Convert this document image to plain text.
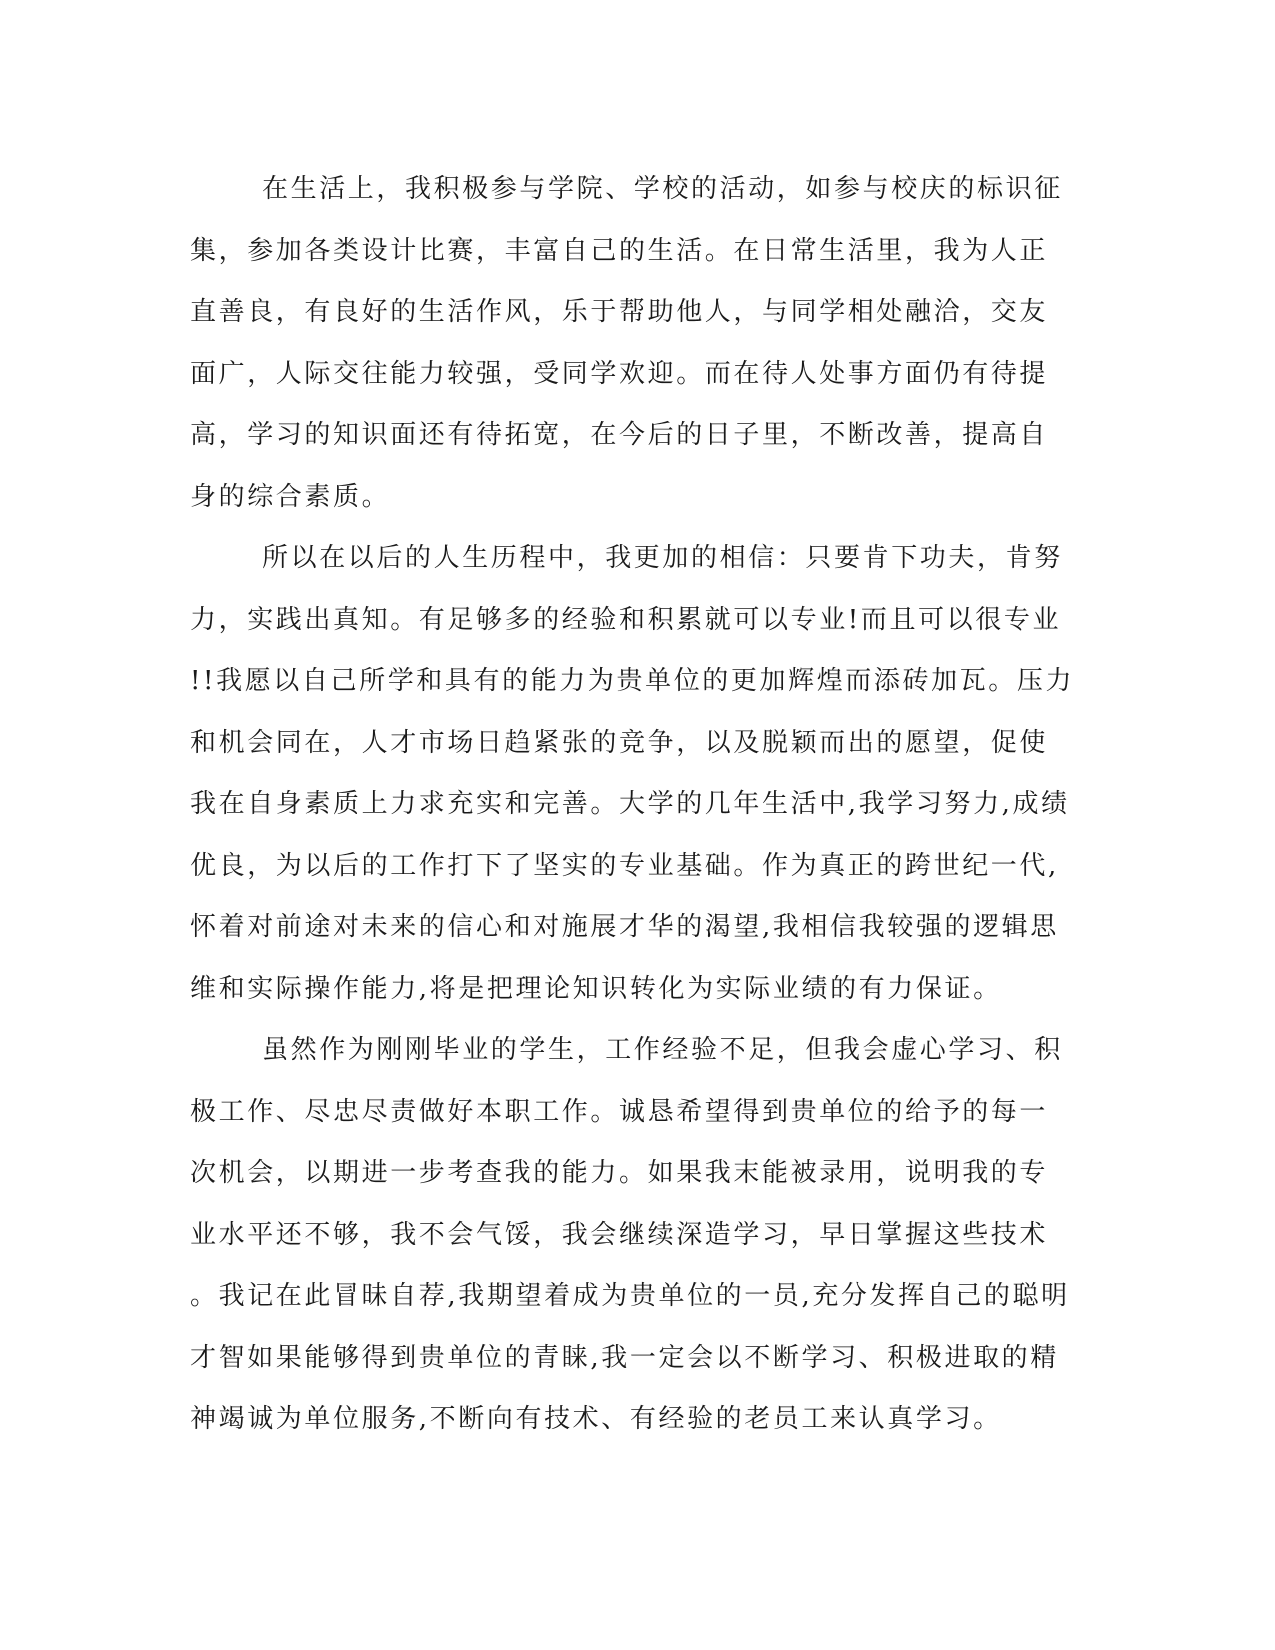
在生活上，我积极参与学院、学校的活动，如参与校庆的标识征
集，参加各类设计比赛，丰富自己的生活。在日常生活里，我为人正
直善良，有良好的生活作风，乐于帮助他人，与同学相处融洽，交友
面广，人际交往能力较强，受同学欢迎。而在待人处事方面仍有待提
高，学习的知识面还有待拓宽，在今后的日子里，不断改善，提高自
身的综合素质。

所以在以后的人生历程中，我更加的相信：只要肯下功夫，肯努
力，实践出真知。有足够多的经验和积累就可以专业!而且可以很专业
!!我愿以自己所学和具有的能力为贵单位的更加辉煌而添砖加瓦。压力
和机会同在，人才市场日趋紧张的竞争，以及脱颖而出的愿望，促使
我在自身素质上力求充实和完善。大学的几年生活中,我学习努力,成绩
优良，为以后的工作打下了坚实的专业基础。作为真正的跨世纪一代,
怀着对前途对未来的信心和对施展才华的渴望,我相信我较强的逻辑思
维和实际操作能力,将是把理论知识转化为实际业绩的有力保证。

虽然作为刚刚毕业的学生，工作经验不足，但我会虚心学习、积
极工作、尽忠尽责做好本职工作。诚恳希望得到贵单位的给予的每一
次机会，以期进一步考查我的能力。如果我末能被录用，说明我的专
业水平还不够，我不会气馁，我会继续深造学习，早日掌握这些技术
。我记在此冒昧自荐,我期望着成为贵单位的一员,充分发挥自己的聪明
才智如果能够得到贵单位的青睐,我一定会以不断学习、积极进取的精
神竭诚为单位服务,不断向有技术、有经验的老员工来认真学习。
